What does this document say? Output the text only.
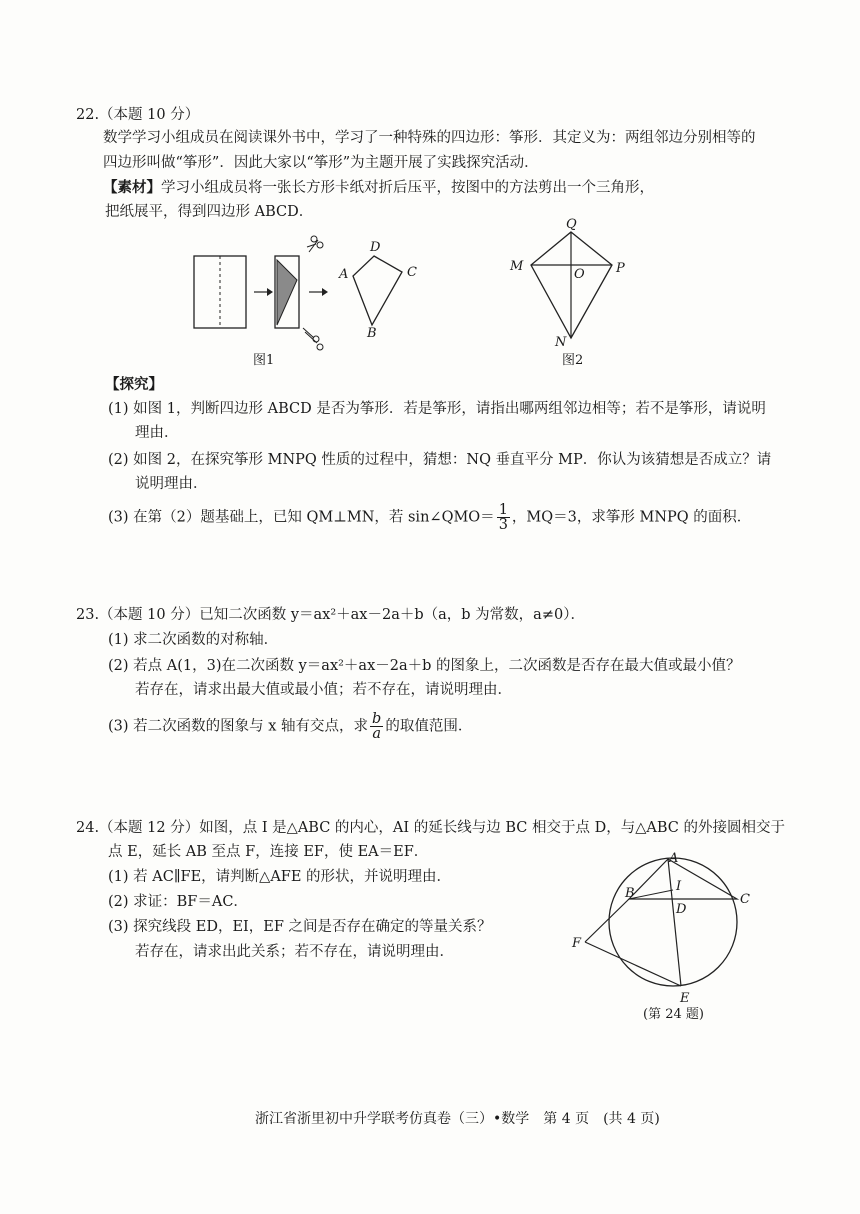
22.（本题 10 分）
数学学习小组成员在阅读课外书中，学习了一种特殊的四边形：筝形．其定义为：两组邻边分别相等的
四边形叫做“筝形”．因此大家以“筝形”为主题开展了实践探究活动．
【素材】学习小组成员将一张长方形卡纸对折后压平，按图中的方法剪出一个三角形，
把纸展平，得到四边形 ABCD．
D
A	C
B
图1
Q
M	P
O
N
图2
【探究】
(1) 如图 1，判断四边形 ABCD 是否为筝形．若是筝形，请指出哪两组邻边相等；若不是筝形，请说明
理由．
(2) 如图 2，在探究筝形 MNPQ 性质的过程中，猜想：NQ 垂直平分 MP．你认为该猜想是否成立？请
说明理由．
(3) 在第（2）题基础上，已知 QM⊥MN，若 sin∠QMO＝ $\frac{1}{3}$ ，MQ＝3，求筝形 MNPQ 的面积．
23.（本题 10 分）已知二次函数 y＝ax²＋ax－2a＋b（a，b 为常数，a≠0）．
(1) 求二次函数的对称轴．
(2) 若点 A(1，3)在二次函数 y＝ax²＋ax－2a＋b 的图象上，二次函数是否存在最大值或最小值？
若存在，请求出最大值或最小值；若不存在，请说明理由．
(3) 若二次函数的图象与 x 轴有交点，求 $\frac{b}{a}$ 的取值范围．
24.（本题 12 分）如图，点 I 是△ABC 的内心，AI 的延长线与边 BC 相交于点 D，与△ABC 的外接圆相交于
点 E，延长 AB 至点 F，连接 EF，使 EA＝EF．
(1) 若 AC∥FE，请判断△AFE 的形状，并说明理由．
(2) 求证：BF＝AC．
(3) 探究线段 ED，EI，EF 之间是否存在确定的等量关系？
若存在，请求出此关系；若不存在，请说明理由．
A
B	C
I
D
F
E
(第 24 题)
浙江省浙里初中升学联考仿真卷（三）•数学　第 4 页　(共 4 页)
